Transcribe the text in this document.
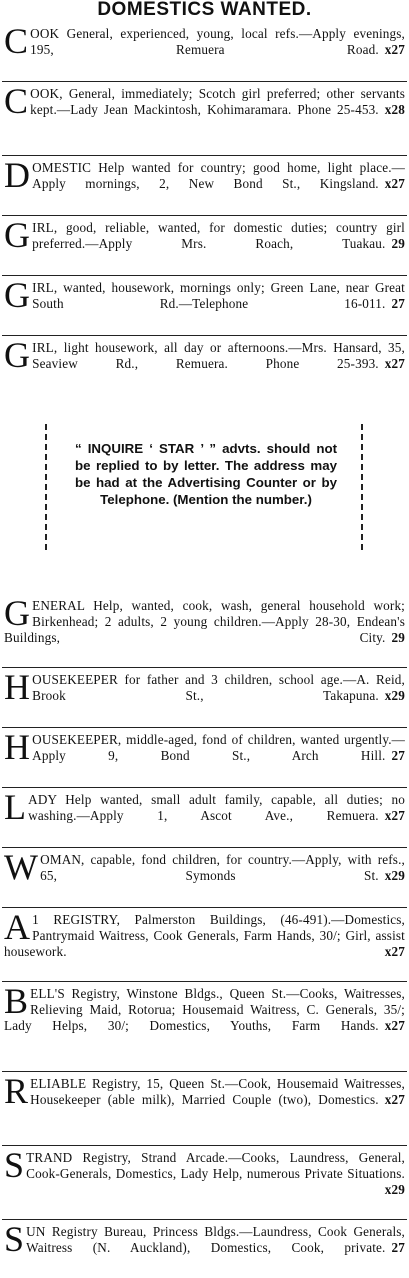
DOMESTICS WANTED.
C OOK General, experienced, young, local refs.—Apply evenings, 195, Remuera Road. x27
C OOK, General, immediately; Scotch girl preferred; other servants kept.—Lady Jean Mackintosh, Kohimaramara. Phone 25-453. x28
D OMESTIC Help wanted for country; good home, light place.—Apply mornings, 2, New Bond St., Kingsland. x27
G IRL, good, reliable, wanted, for domestic duties; country girl preferred.—Apply Mrs. Roach, Tuakau. 29
G IRL, wanted, housework, mornings only; Green Lane, near Great South Rd.—Telephone 16-011. 27
G IRL, light housework, all day or afternoons.—Mrs. Hansard, 35, Seaview Rd., Remuera. Phone 25-393. x27
“ INQUIRE ‘ STAR ’ ” advts. should not be replied to by letter. The address may be had at the Advertising Counter or by Telephone. (Mention the number.)
G ENERAL Help, wanted, cook, wash, general household work; Birkenhead; 2 adults, 2 young children.—Apply 28-30, Endean's Buildings, City. 29
H OUSEKEEPER for father and 3 children, school age.—A. Reid, Brook St., Takapuna. x29
H OUSEKEEPER, middle-aged, fond of children, wanted urgently.—Apply 9, Bond St., Arch Hill. 27
L ADY Help wanted, small adult family, capable, all duties; no washing.—Apply 1, Ascot Ave., Remuera. x27
W OMAN, capable, fond children, for country.—Apply, with refs., 65, Symonds St. x29
A 1 REGISTRY, Palmerston Buildings, (46-491).—Domestics, Pantrymaid Waitress, Cook Generals, Farm Hands, 30/; Girl, assist housework.	x27
B ELL'S Registry, Winstone Bldgs., Queen St.—Cooks, Waitresses, Relieving Maid, Rotorua; Housemaid Waitress, C. Generals, 35/; Lady Helps, 30/; Domestics, Youths, Farm Hands. x27
R ELIABLE Registry, 15, Queen St.—Cook, Housemaid Waitresses, Housekeeper (able milk), Married Couple (two), Domestics. x27
S TRAND Registry, Strand Arcade.—Cooks, Laundress, General, Cook-Generals, Domestics, Lady Help, numerous Private Situations.
x29
S UN Registry Bureau, Princess Bldgs.—Laundress, Cook Generals, Waitress (N. Auckland), Domestics, Cook, private. 27
